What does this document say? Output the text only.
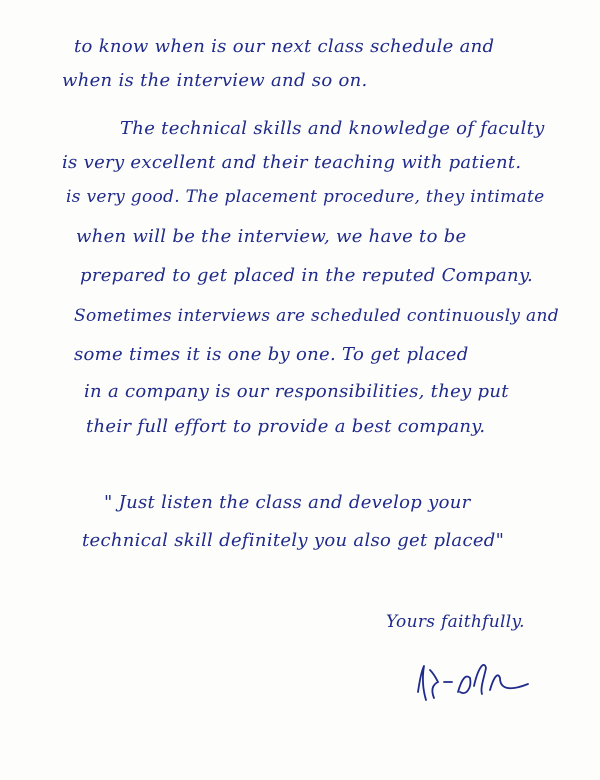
to know when is our next class schedule and
when is the interview and so on.
The technical skills and knowledge of faculty
is very excellent and their teaching with patient.
is very good. The placement procedure, they intimate
when will be the interview, we have to be
prepared to get placed in the reputed Company.
Sometimes interviews are scheduled continuously and
some times it is one by one. To get placed
in a company is our responsibilities, they put
their full effort to provide a best company.
" Just listen the class and develop your
technical skill definitely you also get placed"
Yours faithfully.
